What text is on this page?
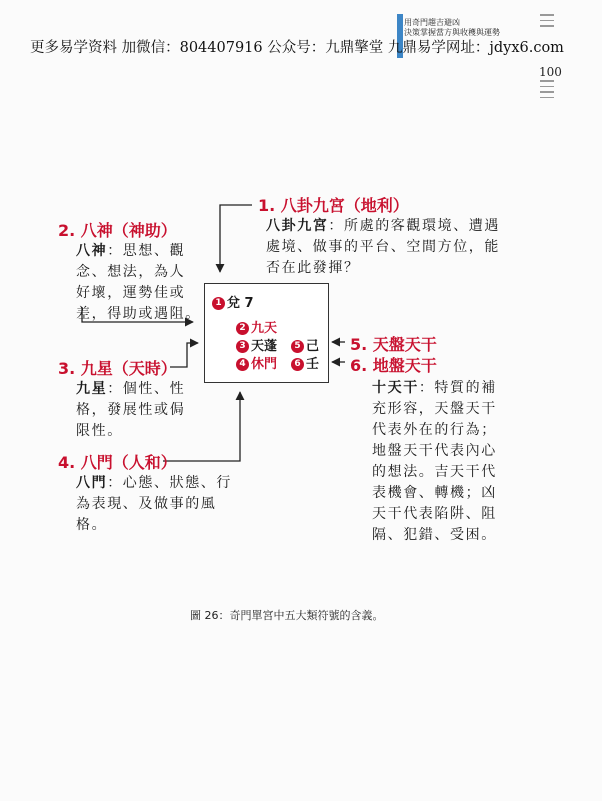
更多易学资料 加微信：804407916 公众号：九鼎擎堂 九鼎易学网址：jdyx6.com
用奇門趨吉避凶
決策掌握當方與收穫與運勢
100
1. 八卦九宮（地利）
八卦九宮：所處的客觀環境、遭遇
處境、做事的平台、空間方位，能
否在此發揮？
2. 八神（神助）
八神：思想、觀
念、想法，為人
好壞，運勢佳或
差，得助或遇阻。
3. 九星（天時）
九星：個性、性
格，發展性或侷
限性。
4. 八門（人和）
八門：心態、狀態、行
為表現、及做事的風
格。
5. 天盤天干
6. 地盤天干
十天干：特質的補
充形容，天盤天干
代表外在的行為；
地盤天干代表內心
的想法。吉天干代
表機會、轉機；凶
天干代表陷阱、阻
隔、犯錯、受困。
1 兌 7
2 九天
3 天蓬
4 休門
5 己
6 壬
圖 26：奇門單宮中五大類符號的含義。
